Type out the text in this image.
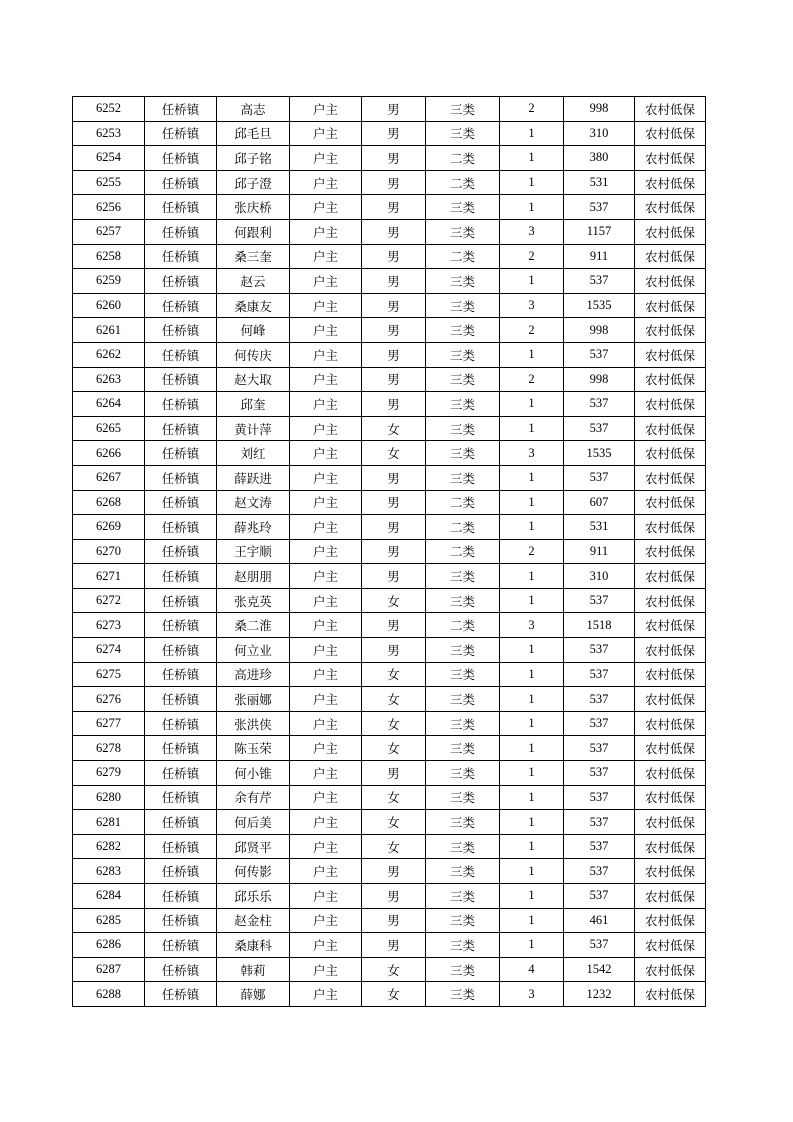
6252	任桥镇	高志	户主	男	三类	2	998	农村低保
6253	任桥镇	邱毛旦	户主	男	三类	1	310	农村低保
6254	任桥镇	邱子铭	户主	男	二类	1	380	农村低保
6255	任桥镇	邱子澄	户主	男	二类	1	531	农村低保
6256	任桥镇	张庆桥	户主	男	三类	1	537	农村低保
6257	任桥镇	何跟利	户主	男	三类	3	1157	农村低保
6258	任桥镇	桑三奎	户主	男	二类	2	911	农村低保
6259	任桥镇	赵云	户主	男	三类	1	537	农村低保
6260	任桥镇	桑康友	户主	男	三类	3	1535	农村低保
6261	任桥镇	何峰	户主	男	三类	2	998	农村低保
6262	任桥镇	何传庆	户主	男	三类	1	537	农村低保
6263	任桥镇	赵大取	户主	男	三类	2	998	农村低保
6264	任桥镇	邱奎	户主	男	三类	1	537	农村低保
6265	任桥镇	黄计萍	户主	女	三类	1	537	农村低保
6266	任桥镇	刘红	户主	女	三类	3	1535	农村低保
6267	任桥镇	薛跃进	户主	男	三类	1	537	农村低保
6268	任桥镇	赵文涛	户主	男	二类	1	607	农村低保
6269	任桥镇	薛兆玲	户主	男	二类	1	531	农村低保
6270	任桥镇	王宇顺	户主	男	二类	2	911	农村低保
6271	任桥镇	赵朋朋	户主	男	三类	1	310	农村低保
6272	任桥镇	张克英	户主	女	三类	1	537	农村低保
6273	任桥镇	桑二淮	户主	男	二类	3	1518	农村低保
6274	任桥镇	何立业	户主	男	三类	1	537	农村低保
6275	任桥镇	高进珍	户主	女	三类	1	537	农村低保
6276	任桥镇	张丽娜	户主	女	三类	1	537	农村低保
6277	任桥镇	张洪侠	户主	女	三类	1	537	农村低保
6278	任桥镇	陈玉荣	户主	女	三类	1	537	农村低保
6279	任桥镇	何小锥	户主	男	三类	1	537	农村低保
6280	任桥镇	余有芹	户主	女	三类	1	537	农村低保
6281	任桥镇	何后美	户主	女	三类	1	537	农村低保
6282	任桥镇	邱贤平	户主	女	三类	1	537	农村低保
6283	任桥镇	何传影	户主	男	三类	1	537	农村低保
6284	任桥镇	邱乐乐	户主	男	三类	1	537	农村低保
6285	任桥镇	赵金柱	户主	男	三类	1	461	农村低保
6286	任桥镇	桑康科	户主	男	三类	1	537	农村低保
6287	任桥镇	韩莉	户主	女	三类	4	1542	农村低保
6288	任桥镇	薛娜	户主	女	三类	3	1232	农村低保
